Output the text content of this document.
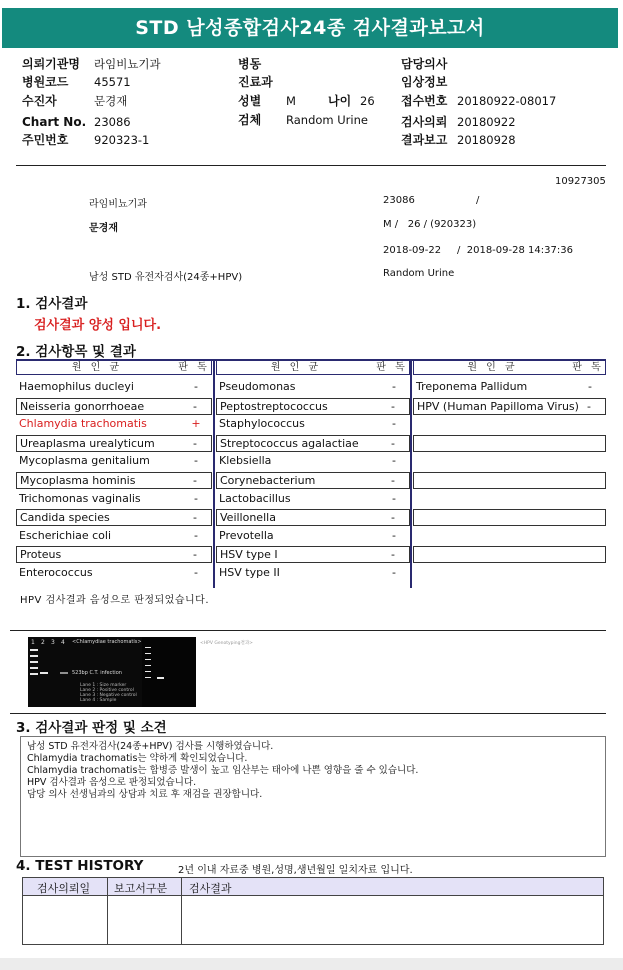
STD 남성종합검사24종 검사결과보고서
의뢰기관명 라임비뇨기과
병원코드 45571
수진자	문경재
Chart No. 23086
주민번호 920323-1
병동
진료과
성별 M	나이 26
검체 Random Urine
담당의사
임상정보
접수번호 20180922-08017
검사의뢰 20180922
결과보고 20180928
10927305
라임비뇨기과	23086	/
문경재	M /   26 / (920323)
2018-09-22     /  2018-09-28 14:37:36
남성 STD 유전자검사(24종+HPV)	Random Urine
1. 검사결과
검사결과 양성 입니다.
2. 검사항목 및 결과
원 인 균	판 독	원 인 균	판 독	원 인 균	판 독
Haemophilus ducleyi	-
Neisseria gonorrhoeae	-
Chlamydia trachomatis	+
Ureaplasma urealyticum	-
Mycoplasma genitalium	-
Mycoplasma hominis	-
Trichomonas vaginalis	-
Candida species	-
Escherichiae coli	-
Proteus	-
Enterococcus	-
Pseudomonas	-
Peptostreptococcus	-
Staphylococcus	-
Streptococcus agalactiae	-
Klebsiella	-
Corynebacterium	-
Lactobacillus	-
Veillonella	-
Prevotella	-
HSV type I	-
HSV type II	-
Treponema Pallidum	-
HPV (Human Papilloma Virus) -
HPV 검사결과 음성으로 판정되었습니다.
1 2 3 4 <Chlamydiae trachomatis>
523bp C.T. infection
Lane 1 : Size marker
Lane 2 : Positive control
Lane 3 : Negative control
Lane 4 : Sample
<HPV Genotyping결과>
3. 검사결과 판정 및 소견
남성 STD 유전자검사(24종+HPV) 검사를 시행하였습니다.
Chlamydia trachomatis는 약하게 확인되었습니다.
Chlamydia trachomatis는 합병증 발생이 높고 임산부는 태아에 나쁜 영향을 줄 수 있습니다.
HPV 검사결과 음성으로 판정되었습니다.
담당 의사 선생님과의 상담과 치료 후 재검을 권장합니다.
4. TEST HISTORY	2년 이내 자료중 병원,성명,생년월일 일치자료 입니다.
검사의뢰일 보고서구분 검사결과
